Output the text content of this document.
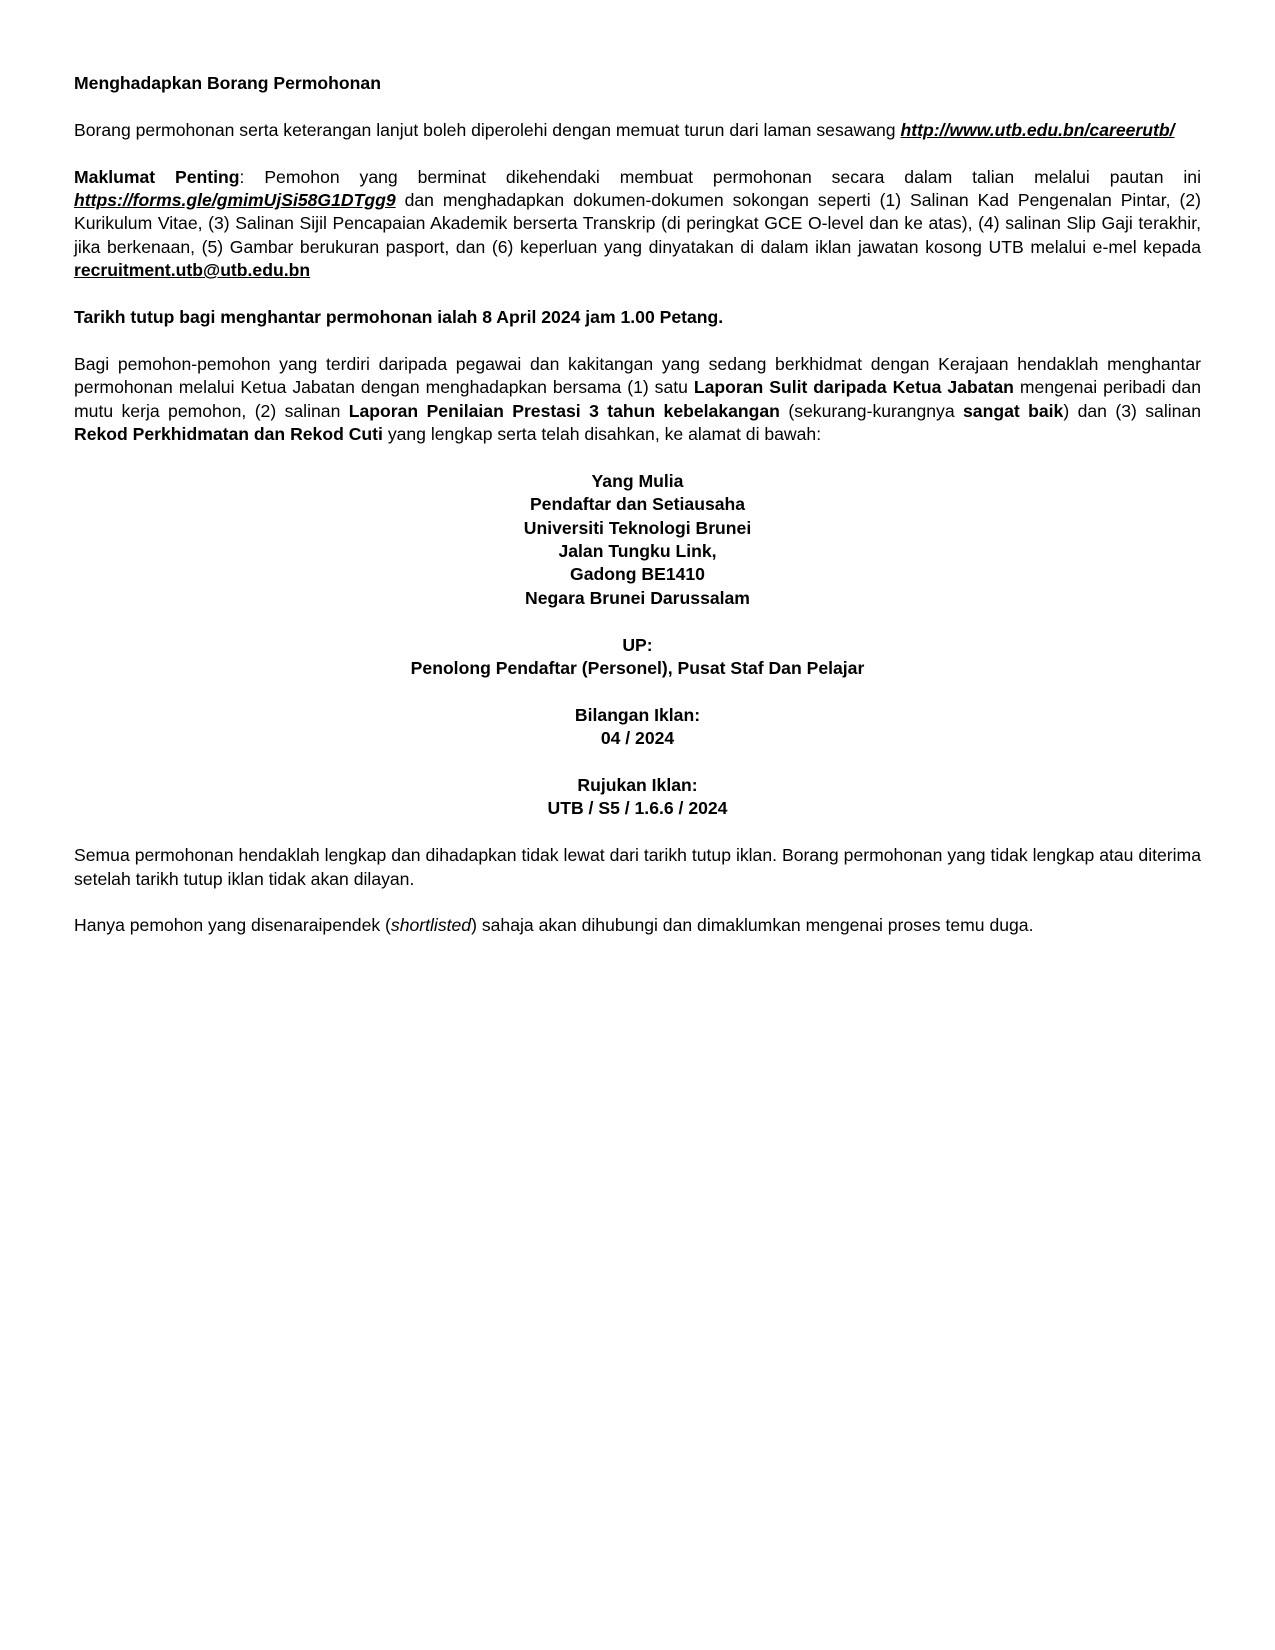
Menghadapkan Borang Permohonan

Borang permohonan serta keterangan lanjut boleh diperolehi dengan memuat turun dari laman sesawang http://www.utb.edu.bn/careerutb/

Maklumat Penting: Pemohon yang berminat dikehendaki membuat permohonan secara dalam talian melalui pautan ini https://forms.gle/gmimUjSi58G1DTgg9 dan menghadapkan dokumen-dokumen sokongan seperti (1) Salinan Kad Pengenalan Pintar, (2) Kurikulum Vitae, (3) Salinan Sijil Pencapaian Akademik berserta Transkrip (di peringkat GCE O-level dan ke atas), (4) salinan Slip Gaji terakhir, jika berkenaan, (5) Gambar berukuran pasport, dan (6) keperluan yang dinyatakan di dalam iklan jawatan kosong UTB melalui e-mel kepada recruitment.utb@utb.edu.bn

Tarikh tutup bagi menghantar permohonan ialah 8 April 2024 jam 1.00 Petang.

Bagi pemohon-pemohon yang terdiri daripada pegawai dan kakitangan yang sedang berkhidmat dengan Kerajaan hendaklah menghantar permohonan melalui Ketua Jabatan dengan menghadapkan bersama (1) satu Laporan Sulit daripada Ketua Jabatan mengenai peribadi dan mutu kerja pemohon, (2) salinan Laporan Penilaian Prestasi 3 tahun kebelakangan (sekurang-kurangnya sangat baik) dan (3) salinan Rekod Perkhidmatan dan Rekod Cuti yang lengkap serta telah disahkan, ke alamat di bawah:

Yang Mulia
Pendaftar dan Setiausaha
Universiti Teknologi Brunei
Jalan Tungku Link,
Gadong BE1410
Negara Brunei Darussalam
UP:
Penolong Pendaftar (Personel), Pusat Staf Dan Pelajar
Bilangan Iklan:
04 / 2024
Rujukan Iklan:
UTB / S5 / 1.6.6 / 2024

Semua permohonan hendaklah lengkap dan dihadapkan tidak lewat dari tarikh tutup iklan. Borang permohonan yang tidak lengkap atau diterima setelah tarikh tutup iklan tidak akan dilayan.

Hanya pemohon yang disenaraipendek (shortlisted) sahaja akan dihubungi dan dimaklumkan mengenai proses temu duga.
